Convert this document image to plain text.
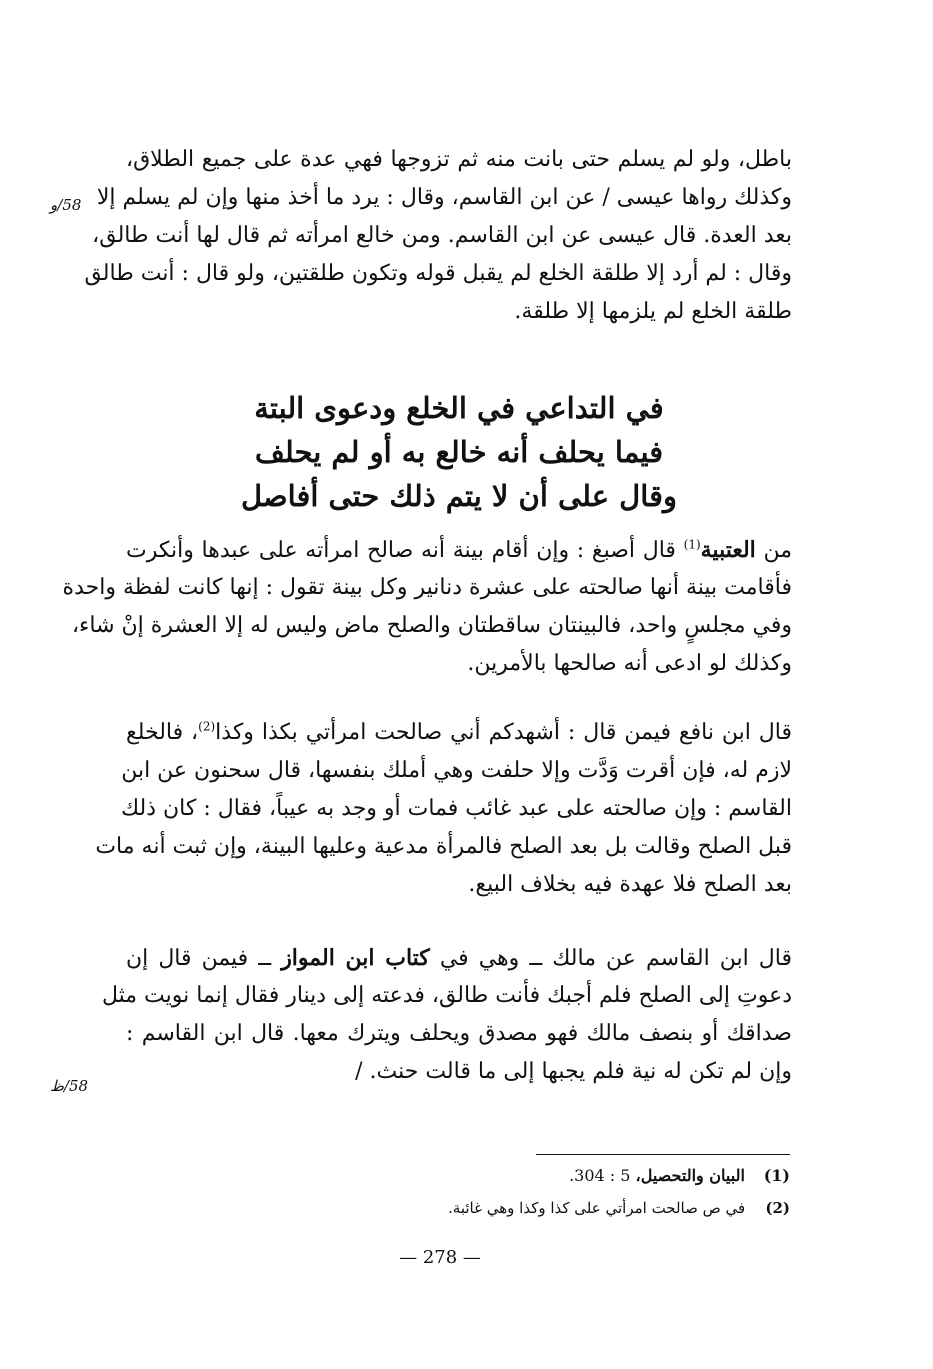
58/و
58/ظ
باطل، ولو لم يسلم حتى بانت منه ثم تزوجها فهي عدة على جميع الطلاق،
وكذلك رواها عيسى / عن ابن القاسم، وقال : يرد ما أخذ منها وإن لم يسلم إلا
بعد العدة. قال عيسى عن ابن القاسم. ومن خالع امرأته ثم قال لها أنت طالق،
وقال : لم أرد إلا طلقة الخلع لم يقبل قوله وتكون طلقتين، ولو قال : أنت طالق
طلقة الخلع لم يلزمها إلا طلقة.
في التداعي في الخلع ودعوى البتة
فيما يحلف أنه خالع به أو لم يحلف
وقال على أن لا يتم ذلك حتى أفاصل
من العتبية$^{(1)}$ قال أصبغ : وإن أقام بينة أنه صالح امرأته على عبدها وأنكرت
فأقامت بينة أنها صالحته على عشرة دنانير وكل بينة تقول : إنها كانت لفظة واحدة
وفي مجلسٍ واحد، فالبينتان ساقطتان والصلح ماض وليس له إلا العشرة إنْ شاء،
وكذلك لو ادعى أنه صالحها بالأمرين.
قال ابن نافع فيمن قال : أشهدكم أني صالحت امرأتي بكذا وكذا$^{(2)}$، فالخلع
لازم له، فإن أقرت وَدَّت وإلا حلفت وهي أملك بنفسها، قال سحنون عن ابن
القاسم : وإن صالحته على عبد غائب فمات أو وجد به عيباً، فقال : كان ذلك
قبل الصلح وقالت بل بعد الصلح فالمرأة مدعية وعليها البينة، وإن ثبت أنه مات
بعد الصلح فلا عهدة فيه بخلاف البيع.
قال ابن القاسم عن مالك ــ وهي في كتاب ابن المواز ــ فيمن قال إن
دعوتِ إلى الصلح فلم أجبك فأنت طالق، فدعته إلى دينار فقال إنما نويت مثل
صداقك أو بنصف مالك فهو مصدق ويحلف ويترك معها. قال ابن القاسم :
وإن لم تكن له نية فلم يجبها إلى ما قالت حنث. /
(1) البيان والتحصيل، 5 : 304.
(2) في ص صالحت امرأتي على كذا وكذا وهي غائبة.
— 278 —
